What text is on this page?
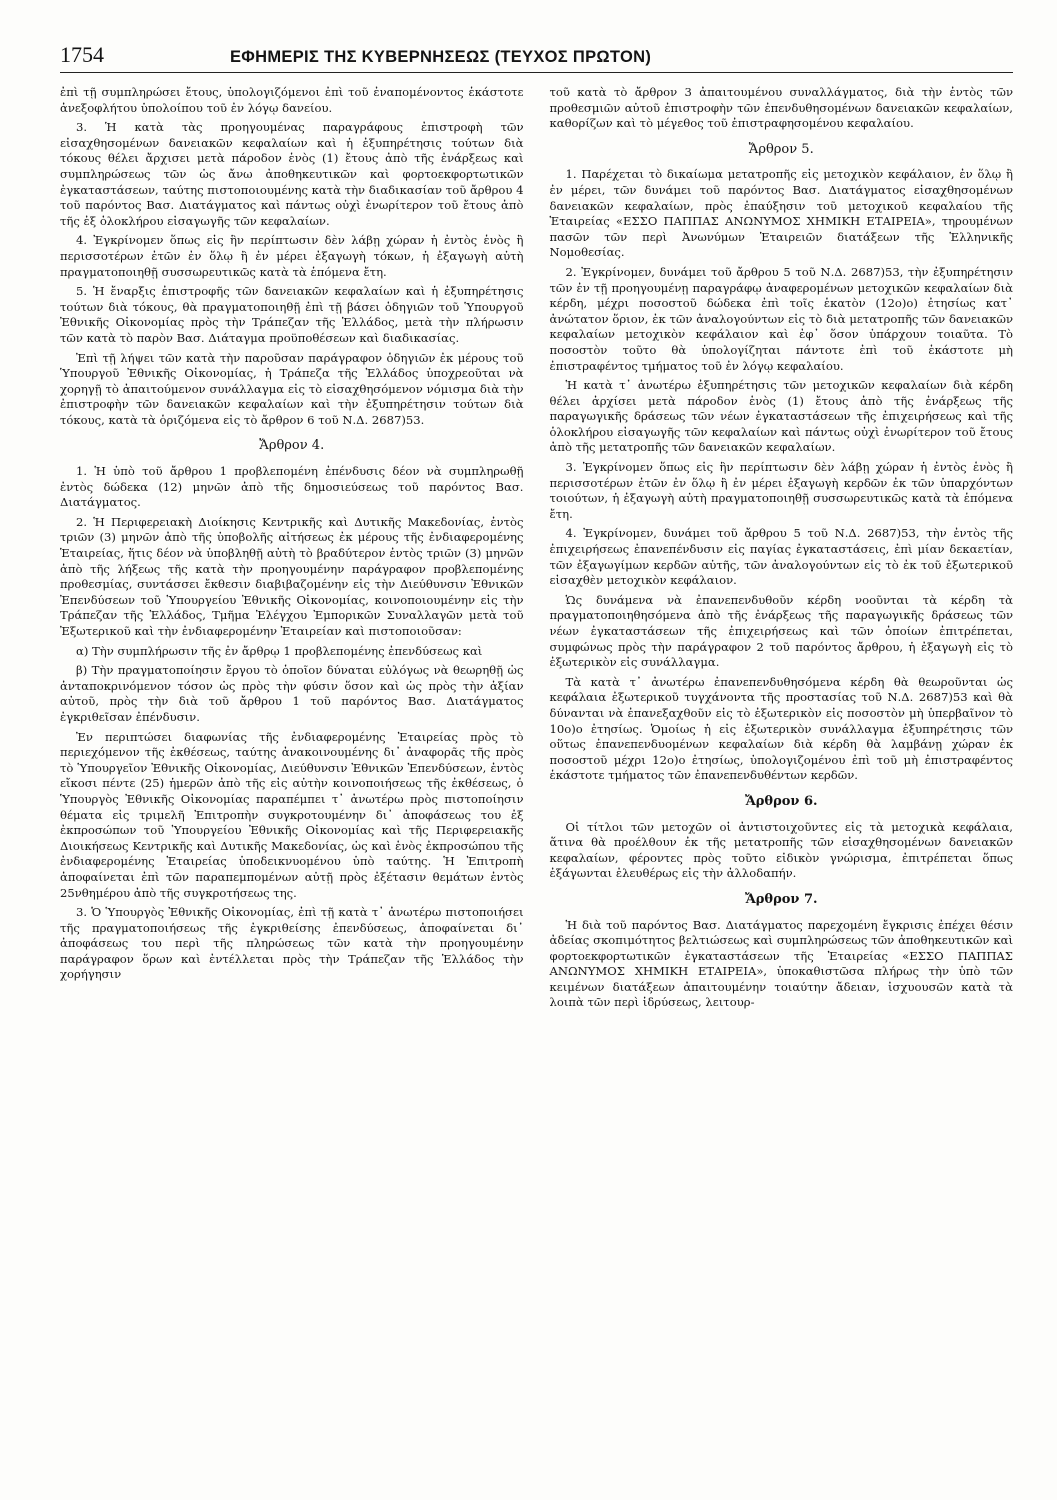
1754	ΕΦΗΜΕΡΙΣ ΤΗΣ ΚΥΒΕΡΝΗΣΕΩΣ (ΤΕΥΧΟΣ ΠΡΩΤΟΝ)

ἐπὶ τῇ συμπληρώσει ἔτους, ὑπολογιζόμενοι ἐπὶ τοῦ ἐναπομένοντος ἑκάστοτε ἀνεξοφλήτου ὑπολοίπου τοῦ ἐν λόγῳ δανείου.

3. Ἡ κατὰ τὰς προηγουμένας παραγράφους ἐπιστροφὴ τῶν εἰσαχθησομένων δανειακῶν κεφαλαίων καὶ ἡ ἐξυπηρέτησις τούτων διὰ τόκους θέλει ἄρχισει μετὰ πάροδον ἑνὸς (1) ἔτους ἀπὸ τῆς ἐνάρξεως καὶ συμπληρώσεως τῶν ὡς ἄνω ἀποθηκευτικῶν καὶ φορτοεκφορτωτικῶν ἐγκαταστάσεων, ταύτης πιστοποιουμένης κατὰ τὴν διαδικασίαν τοῦ ἄρθρου 4 τοῦ παρόντος Βασ. Διατάγματος καὶ πάντως οὐχὶ ἐνωρίτερον τοῦ ἔτους ἀπὸ τῆς ἐξ ὁλοκλήρου εἰσαγωγῆς τῶν κεφαλαίων.

4. Ἐγκρίνομεν ὅπως εἰς ἣν περίπτωσιν δὲν λάβῃ χώραν ἡ ἐντὸς ἑνὸς ἢ περισσοτέρων ἐτῶν ἐν ὅλῳ ἢ ἐν μέρει ἐξαγωγὴ τόκων, ἡ ἐξαγωγὴ αὐτὴ πραγματοποιηθῇ συσσωρευτικῶς κατὰ τὰ ἑπόμενα ἔτη.

5. Ἡ ἔναρξις ἐπιστροφῆς τῶν δανειακῶν κεφαλαίων καὶ ἡ ἐξυπηρέτησις τούτων διὰ τόκους, θὰ πραγματοποιηθῇ ἐπὶ τῇ βάσει ὁδηγιῶν τοῦ Ὑπουργοῦ Ἐθνικῆς Οἰκονομίας πρὸς τὴν Τράπεζαν τῆς Ἑλλάδος, μετὰ τὴν πλήρωσιν τῶν κατὰ τὸ παρὸν Βασ. Διάταγμα προϋποθέσεων καὶ διαδικασίας.

Ἐπὶ τῇ λήψει τῶν κατὰ τὴν παροῦσαν παράγραφον ὁδηγιῶν ἐκ μέρους τοῦ Ὑπουργοῦ Ἐθνικῆς Οἰκονομίας, ἡ Τράπεζα τῆς Ἑλλάδος ὑποχρεοῦται νὰ χορηγῇ τὸ ἀπαιτούμενον συνάλλαγμα εἰς τὸ εἰσαχθησόμενον νόμισμα διὰ τὴν ἐπιστροφὴν τῶν δανειακῶν κεφαλαίων καὶ τὴν ἐξυπηρέτησιν τούτων διὰ τόκους, κατὰ τὰ ὁριζόμενα εἰς τὸ ἄρθρον 6 τοῦ Ν.Δ. 2687)53.

Ἄρθρον 4.

1. Ἡ ὑπὸ τοῦ ἄρθρου 1 προβλεπομένη ἐπένδυσις δέον νὰ συμπληρωθῇ ἐντὸς δώδεκα (12) μηνῶν ἀπὸ τῆς δημοσιεύσεως τοῦ παρόντος Βασ. Διατάγματος.

2. Ἡ Περιφερειακὴ Διοίκησις Κεντρικῆς καὶ Δυτικῆς Μακεδονίας, ἐντὸς τριῶν (3) μηνῶν ἀπὸ τῆς ὑποβολῆς αἰτήσεως ἐκ μέρους τῆς ἐνδιαφερομένης Ἑταιρείας, ἥτις δέον νὰ ὑποβληθῇ αὐτὴ τὸ βραδύτερον ἐντὸς τριῶν (3) μηνῶν ἀπὸ τῆς λήξεως τῆς κατὰ τὴν προηγουμένην παράγραφον προβλεπομένης προθεσμίας, συντάσσει ἔκθεσιν διαβιβαζομένην εἰς τὴν Διεύθυνσιν Ἐθνικῶν Ἐπενδύσεων τοῦ Ὑπουργείου Ἐθνικῆς Οἰκονομίας, κοινοποιουμένην εἰς τὴν Τράπεζαν τῆς Ἑλλάδος, Τμῆμα Ἐλέγχου Ἐμπορικῶν Συναλλαγῶν μετὰ τοῦ Ἐξωτερικοῦ καὶ τὴν ἐνδιαφερομένην Ἑταιρείαν καὶ πιστοποιοῦσαν:

α) Τὴν συμπλήρωσιν τῆς ἐν ἄρθρῳ 1 προβλεπομένης ἐπενδύσεως καὶ

β) Τὴν πραγματοποίησιν ἔργου τὸ ὁποῖον δύναται εὐλόγως νὰ θεωρηθῇ ὡς ἀνταποκρινόμενον τόσον ὡς πρὸς τὴν φύσιν ὅσον καὶ ὡς πρὸς τὴν ἀξίαν αὐτοῦ, πρὸς τὴν διὰ τοῦ ἄρθρου 1 τοῦ παρόντος Βασ. Διατάγματος ἐγκριθεῖσαν ἐπένδυσιν.

Ἐν περιπτώσει διαφωνίας τῆς ἐνδιαφερομένης Ἑταιρείας πρὸς τὸ περιεχόμενον τῆς ἐκθέσεως, ταύτης ἀνακοινουμένης δι᾽ ἀναφορᾶς τῆς πρὸς τὸ Ὑπουργεῖον Ἐθνικῆς Οἰκονομίας, Διεύθυνσιν Ἐθνικῶν Ἐπενδύσεων, ἐντὸς εἴκοσι πέντε (25) ἡμερῶν ἀπὸ τῆς εἰς αὐτὴν κοινοποιήσεως τῆς ἐκθέσεως, ὁ Ὑπουργὸς Ἐθνικῆς Οἰκονομίας παραπέμπει τ᾽ ἀνωτέρω πρὸς πιστοποίησιν θέματα εἰς τριμελῆ Ἐπιτροπὴν συγκροτουμένην δι᾽ ἀποφάσεως του ἐξ ἐκπροσώπων τοῦ Ὑπουργείου Ἐθνικῆς Οἰκονομίας καὶ τῆς Περιφερειακῆς Διοικήσεως Κεντρικῆς καὶ Δυτικῆς Μακεδονίας, ὡς καὶ ἑνὸς ἐκπροσώπου τῆς ἐνδιαφερομένης Ἑταιρείας ὑποδεικνυομένου ὑπὸ ταύτης. Ἡ Ἐπιτροπὴ ἀποφαίνεται ἐπὶ τῶν παραπεμπομένων αὐτῇ πρὸς ἐξέτασιν θεμάτων ἐντὸς 25νθημέρου ἀπὸ τῆς συγκροτήσεως της.

3. Ὁ Ὑπουργὸς Ἐθνικῆς Οἰκονομίας, ἐπὶ τῇ κατὰ τ᾽ ἀνωτέρω πιστοποιήσει τῆς πραγματοποιήσεως τῆς ἐγκριθείσης ἐπενδύσεως, ἀποφαίνεται δι᾽ ἀποφάσεως του περὶ τῆς πληρώσεως τῶν κατὰ τὴν προηγουμένην παράγραφον ὅρων καὶ ἐντέλλεται πρὸς τὴν Τράπεζαν τῆς Ἑλλάδος τὴν χορήγησιν

τοῦ κατὰ τὸ ἄρθρον 3 ἀπαιτουμένου συναλλάγματος, διὰ τὴν ἐντὸς τῶν προθεσμιῶν αὐτοῦ ἐπιστροφὴν τῶν ἐπενδυθησομένων δανειακῶν κεφαλαίων, καθορίζων καὶ τὸ μέγεθος τοῦ ἐπιστραφησομένου κεφαλαίου.

Ἄρθρον 5.

1. Παρέχεται τὸ δικαίωμα μετατροπῆς εἰς μετοχικὸν κεφάλαιον, ἐν ὅλῳ ἢ ἐν μέρει, τῶν δυνάμει τοῦ παρόντος Βασ. Διατάγματος εἰσαχθησομένων δανειακῶν κεφαλαίων, πρὸς ἐπαύξησιν τοῦ μετοχικοῦ κεφαλαίου τῆς Ἑταιρείας «ΕΣΣΟ ΠΑΠΠΑΣ ΑΝΩΝΥΜΟΣ ΧΗΜΙΚΗ ΕΤΑΙΡΕΙΑ», τηρουμένων πασῶν τῶν περὶ Ἀνωνύμων Ἑταιρειῶν διατάξεων τῆς Ἑλληνικῆς Νομοθεσίας.

2. Ἐγκρίνομεν, δυνάμει τοῦ ἄρθρου 5 τοῦ Ν.Δ. 2687)53, τὴν ἐξυπηρέτησιν τῶν ἐν τῇ προηγουμένῃ παραγράφῳ ἀναφερομένων μετοχικῶν κεφαλαίων διὰ κέρδη, μέχρι ποσοστοῦ δώδεκα ἐπὶ τοῖς ἑκατὸν (12ο)ο) ἐτησίως κατ᾽ ἀνώτατον ὅριον, ἐκ τῶν ἀναλογούντων εἰς τὸ διὰ μετατροπῆς τῶν δανειακῶν κεφαλαίων μετοχικὸν κεφάλαιον καὶ ἐφ᾽ ὅσον ὑπάρχουν τοιαῦτα. Τὸ ποσοστὸν τοῦτο θὰ ὑπολογίζηται πάντοτε ἐπὶ τοῦ ἑκάστοτε μὴ ἐπιστραφέντος τμήματος τοῦ ἐν λόγῳ κεφαλαίου.

Ἡ κατὰ τ᾽ ἀνωτέρω ἐξυπηρέτησις τῶν μετοχικῶν κεφαλαίων διὰ κέρδη θέλει ἀρχίσει μετὰ πάροδον ἑνὸς (1) ἔτους ἀπὸ τῆς ἐνάρξεως τῆς παραγωγικῆς δράσεως τῶν νέων ἐγκαταστάσεων τῆς ἐπιχειρήσεως καὶ τῆς ὁλοκλήρου εἰσαγωγῆς τῶν κεφαλαίων καὶ πάντως οὐχὶ ἐνωρίτερον τοῦ ἔτους ἀπὸ τῆς μετατροπῆς τῶν δανειακῶν κεφαλαίων.

3. Ἐγκρίνομεν ὅπως εἰς ἣν περίπτωσιν δὲν λάβῃ χώραν ἡ ἐντὸς ἑνὸς ἢ περισσοτέρων ἐτῶν ἐν ὅλῳ ἢ ἐν μέρει ἐξαγωγὴ κερδῶν ἐκ τῶν ὑπαρχόντων τοιούτων, ἡ ἐξαγωγὴ αὐτὴ πραγματοποιηθῇ συσσωρευτικῶς κατὰ τὰ ἑπόμενα ἔτη.

4. Ἐγκρίνομεν, δυνάμει τοῦ ἄρθρου 5 τοῦ Ν.Δ. 2687)53, τὴν ἐντὸς τῆς ἐπιχειρήσεως ἐπανεπένδυσιν εἰς παγίας ἐγκαταστάσεις, ἐπὶ μίαν δεκαετίαν, τῶν ἐξαγωγίμων κερδῶν αὐτῆς, τῶν ἀναλογούντων εἰς τὸ ἐκ τοῦ ἐξωτερικοῦ εἰσαχθὲν μετοχικὸν κεφάλαιον.

Ὡς δυνάμενα νὰ ἐπανεπενδυθοῦν κέρδη νοοῦνται τὰ κέρδη τὰ πραγματοποιηθησόμενα ἀπὸ τῆς ἐνάρξεως τῆς παραγωγικῆς δράσεως τῶν νέων ἐγκαταστάσεων τῆς ἐπιχειρήσεως καὶ τῶν ὁποίων ἐπιτρέπεται, συμφώνως πρὸς τὴν παράγραφον 2 τοῦ παρόντος ἄρθρου, ἡ ἐξαγωγὴ εἰς τὸ ἐξωτερικὸν εἰς συνάλλαγμα.

Τὰ κατὰ τ᾽ ἀνωτέρω ἐπανεπενδυθησόμενα κέρδη θὰ θεωροῦνται ὡς κεφάλαια ἐξωτερικοῦ τυγχάνοντα τῆς προστασίας τοῦ Ν.Δ. 2687)53 καὶ θὰ δύνανται νὰ ἐπανεξαχθοῦν εἰς τὸ ἐξωτερικὸν εἰς ποσοστὸν μὴ ὑπερβαῖνον τὸ 10ο)ο ἐτησίως. Ὁμοίως ἡ εἰς ἐξωτερικὸν συνάλλαγμα ἐξυπηρέτησις τῶν οὕτως ἐπανεπενδυομένων κεφαλαίων διὰ κέρδη θὰ λαμβάνῃ χώραν ἐκ ποσοστοῦ μέχρι 12ο)ο ἐτησίως, ὑπολογιζομένου ἐπὶ τοῦ μὴ ἐπιστραφέντος ἑκάστοτε τμήματος τῶν ἐπανεπενδυθέντων κερδῶν.

Ἄρθρον 6.

Οἱ τίτλοι τῶν μετοχῶν οἱ ἀντιστοιχοῦντες εἰς τὰ μετοχικὰ κεφάλαια, ἅτινα θὰ προέλθουν ἐκ τῆς μετατροπῆς τῶν εἰσαχθησομένων δανειακῶν κεφαλαίων, φέροντες πρὸς τοῦτο εἰδικὸν γνώρισμα, ἐπιτρέπεται ὅπως ἐξάγωνται ἐλευθέρως εἰς τὴν ἀλλοδαπήν.

Ἄρθρον 7.

Ἡ διὰ τοῦ παρόντος Βασ. Διατάγματος παρεχομένη ἔγκρισις ἐπέχει θέσιν ἀδείας σκοπιμότητος βελτιώσεως καὶ συμπληρώσεως τῶν ἀποθηκευτικῶν καὶ φορτοεκφορτωτικῶν ἐγκαταστάσεων τῆς Ἑταιρείας «ΕΣΣΟ ΠΑΠΠΑΣ ΑΝΩΝΥΜΟΣ ΧΗΜΙΚΗ ΕΤΑΙΡΕΙΑ», ὑποκαθιστῶσα πλήρως τὴν ὑπὸ τῶν κειμένων διατάξεων ἀπαιτουμένην τοιαύτην ἄδειαν, ἰσχυουσῶν κατὰ τὰ λοιπὰ τῶν περὶ ἱδρύσεως, λειτουρ-
